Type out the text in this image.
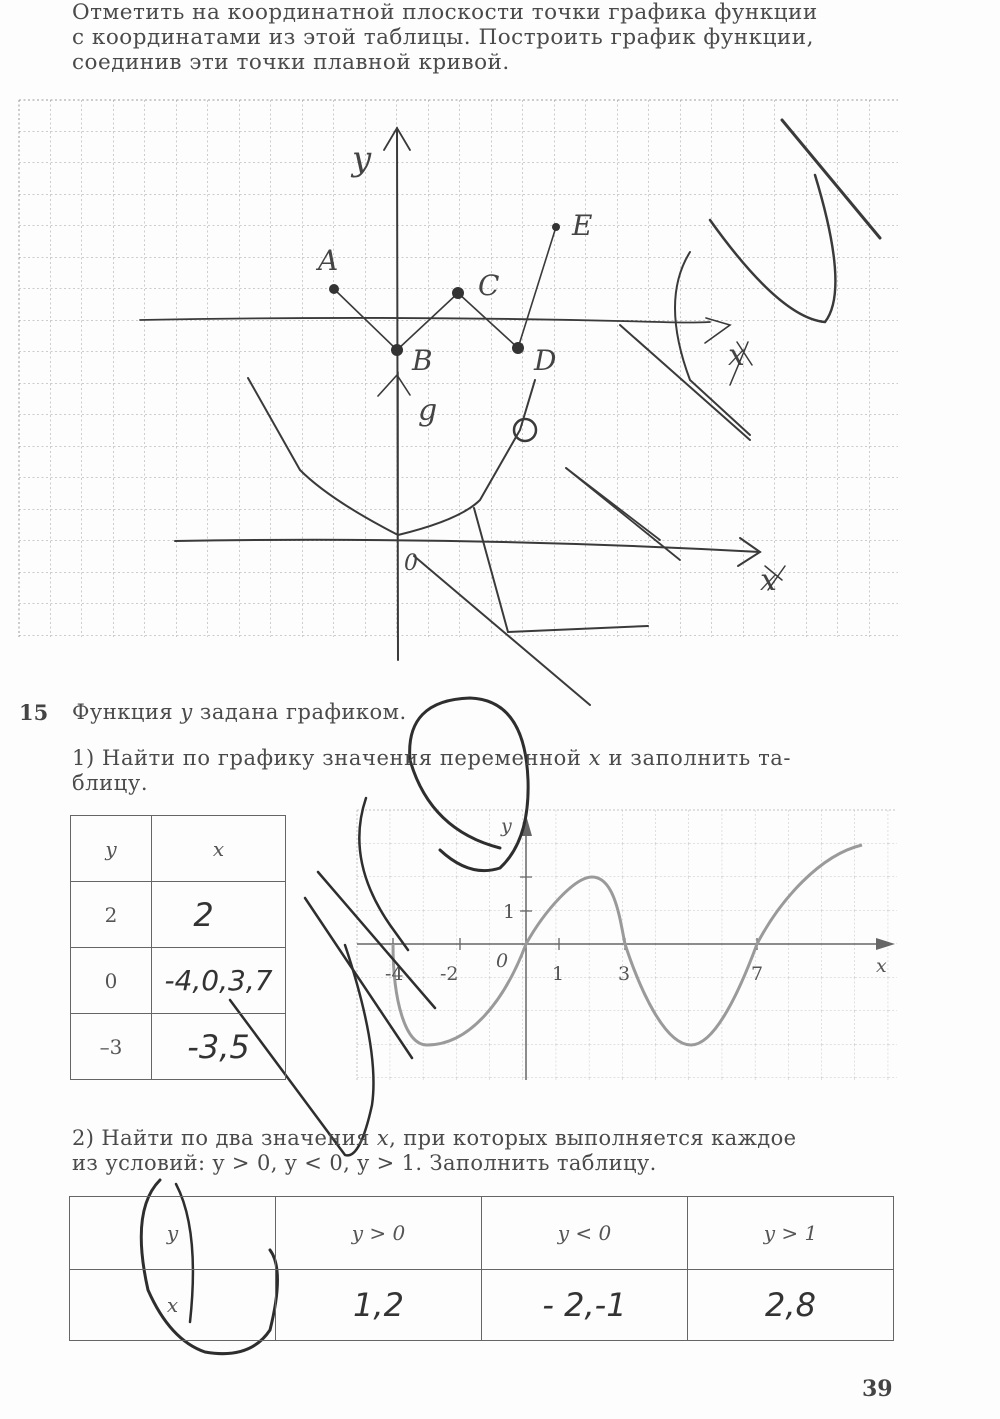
Отметить на координатной плоскости точки графика функции
с координатами из этой таблицы. Построить график функции,
соединив эти точки плавной кривой.
A
B
C
D
E
y
g
x
0	x
y
x
-4 -2
0
1	3	7
1
15 Функция y задана графиком.
1) Найти по графику значения переменной x и заполнить та-
блицу.
y	x
2	2
0	-4,0,3,7
–3	-3,5
2) Найти по два значения x, при которых выполняется каждое
из условий: y > 0, y < 0, y > 1. Заполнить таблицу.
y	y > 0	y < 0	y > 1
x	1,2	- 2,-1	2,8
39
